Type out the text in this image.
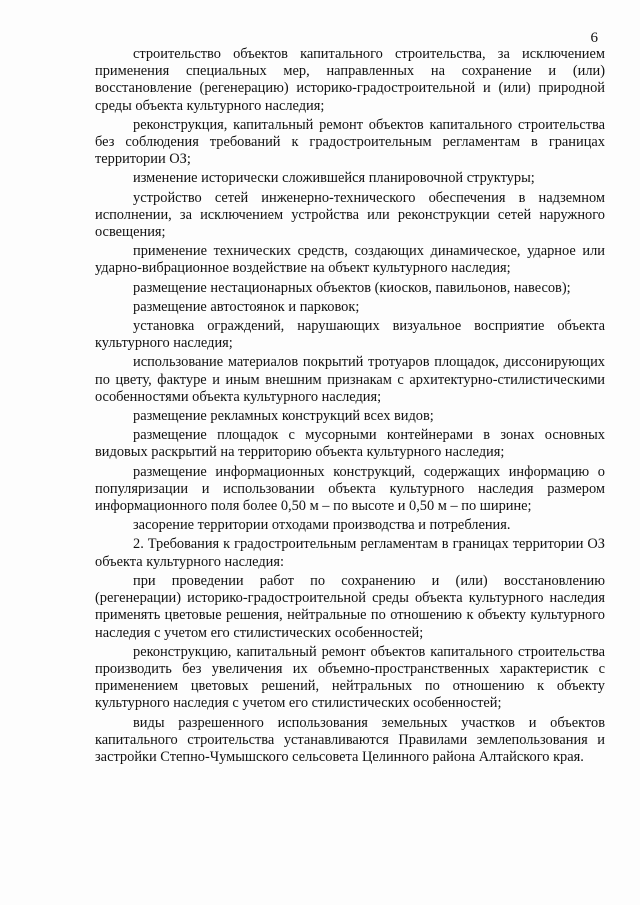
6

строительство объектов капитального строительства, за исключением применения специальных мер, направленных на сохранение и (или) восстановление (регенерацию) историко-градостроительной и (или) природной среды объекта культурного наследия;

реконструкция, капитальный ремонт объектов капитального строительства без соблюдения требований к градостроительным регламентам в границах территории ОЗ;

изменение исторически сложившейся планировочной структуры;

устройство сетей инженерно-технического обеспечения в надземном исполнении, за исключением устройства или реконструкции сетей наружного освещения;

применение технических средств, создающих динамическое, ударное или ударно-вибрационное воздействие на объект культурного наследия;

размещение нестационарных объектов (киосков, павильонов, навесов);

размещение автостоянок и парковок;

установка ограждений, нарушающих визуальное восприятие объекта культурного наследия;

использование материалов покрытий тротуаров площадок, диссонирующих по цвету, фактуре и иным внешним признакам с архитектурно-стилистическими особенностями объекта культурного наследия;

размещение рекламных конструкций всех видов;

размещение площадок с мусорными контейнерами в зонах основных видовых раскрытий на территорию объекта культурного наследия;

размещение информационных конструкций, содержащих информацию о популяризации и использовании объекта культурного наследия размером информационного поля более 0,50 м – по высоте и 0,50 м – по ширине;

засорение территории отходами производства и потребления.

2. Требования к градостроительным регламентам в границах территории ОЗ объекта культурного наследия:

при проведении работ по сохранению и (или) восстановлению (регенерации) историко-градостроительной среды объекта культурного наследия применять цветовые решения, нейтральные по отношению к объекту культурного наследия с учетом его стилистических особенностей;

реконструкцию, капитальный ремонт объектов капитального строительства производить без увеличения их объемно-пространственных характеристик с применением цветовых решений, нейтральных по отношению к объекту культурного наследия с учетом его стилистических особенностей;

виды разрешенного использования земельных участков и объектов капитального строительства устанавливаются Правилами землепользования и застройки Степно-Чумышского сельсовета Целинного района Алтайского края.
